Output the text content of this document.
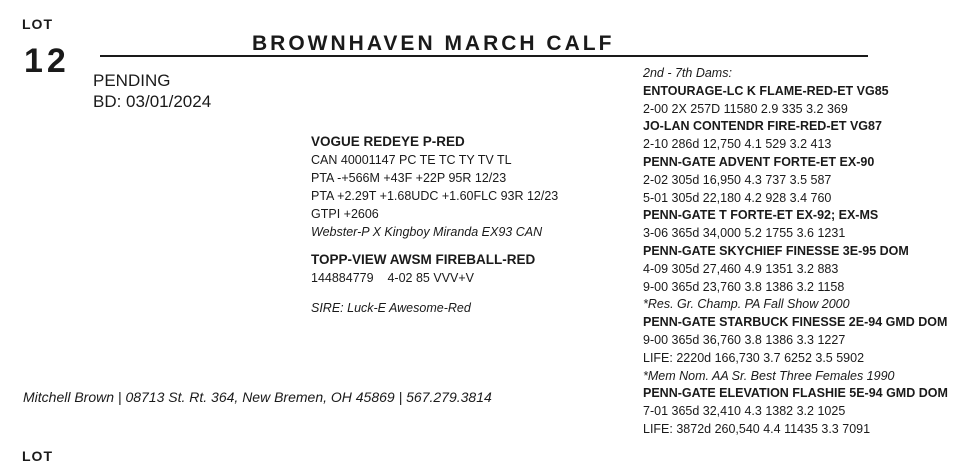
LOT
12	BROWNHAVEN MARCH CALF
PENDING
BD: 03/01/2024
VOGUE REDEYE P-RED
CAN 40001147 PC TE TC TY TV TL
PTA -+566M +43F +22P 95R 12/23
PTA +2.29T +1.68UDC +1.60FLC 93R 12/23
GTPI +2606
Webster-P X Kingboy Miranda EX93 CAN
TOPP-VIEW AWSM FIREBALL-RED
144884779 4-02 85 VVV+V
SIRE: Luck-E Awesome-Red
2nd - 7th Dams:
ENTOURAGE-LC K FLAME-RED-ET VG85
2-00 2X 257D 11580 2.9 335 3.2 369
JO-LAN CONTENDR FIRE-RED-ET VG87
2-10 286d 12,750 4.1 529 3.2 413
PENN-GATE ADVENT FORTE-ET EX-90
2-02 305d 16,950 4.3 737 3.5 587
5-01 305d 22,180 4.2 928 3.4 760
PENN-GATE T FORTE-ET EX-92; EX-MS
3-06 365d 34,000 5.2 1755 3.6 1231
PENN-GATE SKYCHIEF FINESSE 3E-95 DOM
4-09 305d 27,460 4.9 1351 3.2 883
9-00 365d 23,760 3.8 1386 3.2 1158
*Res. Gr. Champ. PA Fall Show 2000
PENN-GATE STARBUCK FINESSE 2E-94 GMD DOM
9-00 365d 36,760 3.8 1386 3.3 1227
LIFE: 2220d 166,730 3.7 6252 3.5 5902
*Mem Nom. AA Sr. Best Three Females 1990
PENN-GATE ELEVATION FLASHIE 5E-94 GMD DOM
7-01 365d 32,410 4.3 1382 3.2 1025
LIFE: 3872d 260,540 4.4 11435 3.3 7091
Mitchell Brown | 08713 St. Rt. 364, New Bremen, OH 45869 | 567.279.3814
LOT
